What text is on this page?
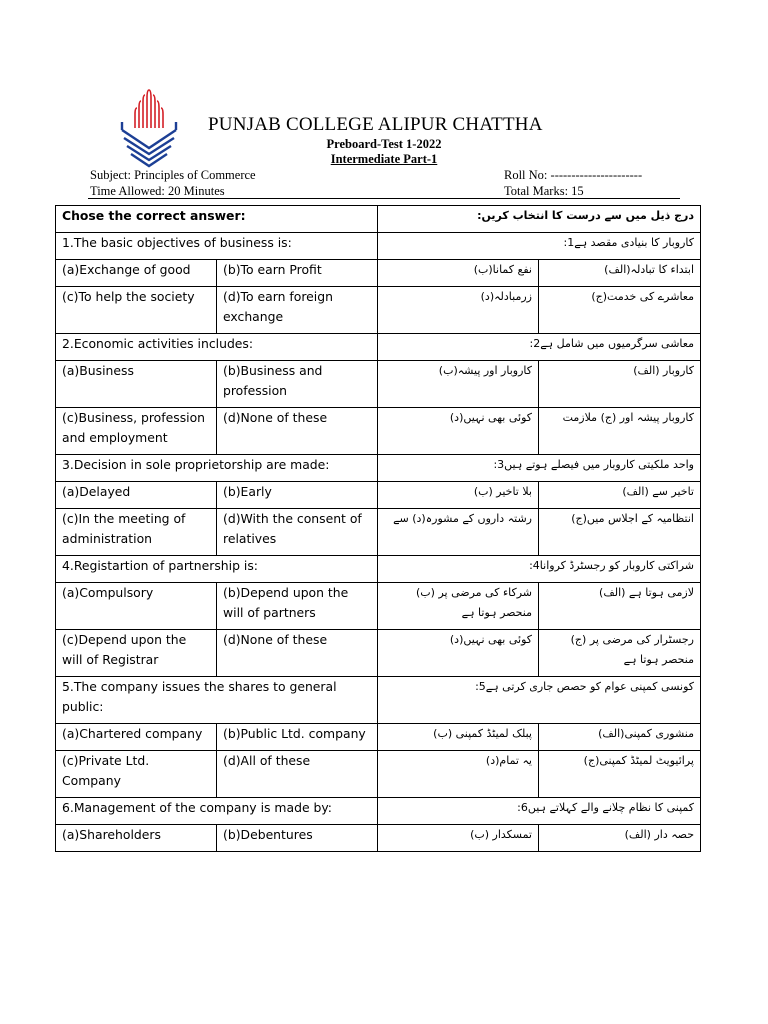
PUNJAB COLLEGE ALIPUR CHATTHA
Preboard-Test 1-2022
Intermediate Part-1
Subject: Principles of Commerce
Time Allowed: 20 Minutes
Roll No: ----------------------
Total Marks: 15
Chose the correct answer:		درج ذیل میں سے درست کا انتخاب کریں:	
1.The basic objectives of business is:		کاروبار کا بنیادی مقصد ہے1:	
(a)Exchange of good	(b)To earn Profit	نفع کمانا(ب)	ابتداء کا تبادلہ(الف)
(c)To help the society	(d)To earn foreign exchange	زرمبادلہ(د)	معاشرے کی خدمت(ج)
2.Economic activities includes:		معاشی سرگرمیوں میں شامل ہے2:	
(a)Business	(b)Business and profession	کاروبار اور پیشہ(ب)	کاروبار (الف)
(c)Business, profession and employment	(d)None of these	کوئی بھی نہیں(د)	کاروبار پیشہ اور (ج) ملازمت
3.Decision in sole proprietorship are made:		واحد ملکیتی کاروبار میں فیصلے ہوتے ہیں3:	
(a)Delayed	(b)Early	بلا تاخیر (ب)	تاخیر سے (الف)
(c)In the meeting of administration	(d)With the consent of relatives	رشتہ داروں کے مشورہ(د) سے	انتظامیہ کے اجلاس میں(ج)
4.Registartion of partnership is:		شراکتی کاروبار کو رجسٹرڈ کروانا4:	
(a)Compulsory	(b)Depend upon the will of partners	شرکاء کی مرضی پر (ب) منحصر ہوتا ہے	لازمی ہوتا ہے (الف)
(c)Depend upon the will of Registrar	(d)None of these	کوئی بھی نہیں(د)	رجسٹرار کی مرضی پر (ج) منحصر ہوتا ہے
5.The company issues the shares to general public:		کونسی کمپنی عوام کو حصص جاری کرتی ہے5:	
(a)Chartered company	(b)Public Ltd. company	پبلک لمیٹڈ کمپنی (ب)	منشوری کمپنی(الف)
(c)Private Ltd. Company	(d)All of these	یہ تمام(د)	پرائیویٹ لمیٹڈ کمپنی(ج)
6.Management of the company is made by:		کمپنی کا نظام چلانے والے کہلاتے ہیں6:	
(a)Shareholders	(b)Debentures	تمسکدار (ب)	حصہ دار (الف)
